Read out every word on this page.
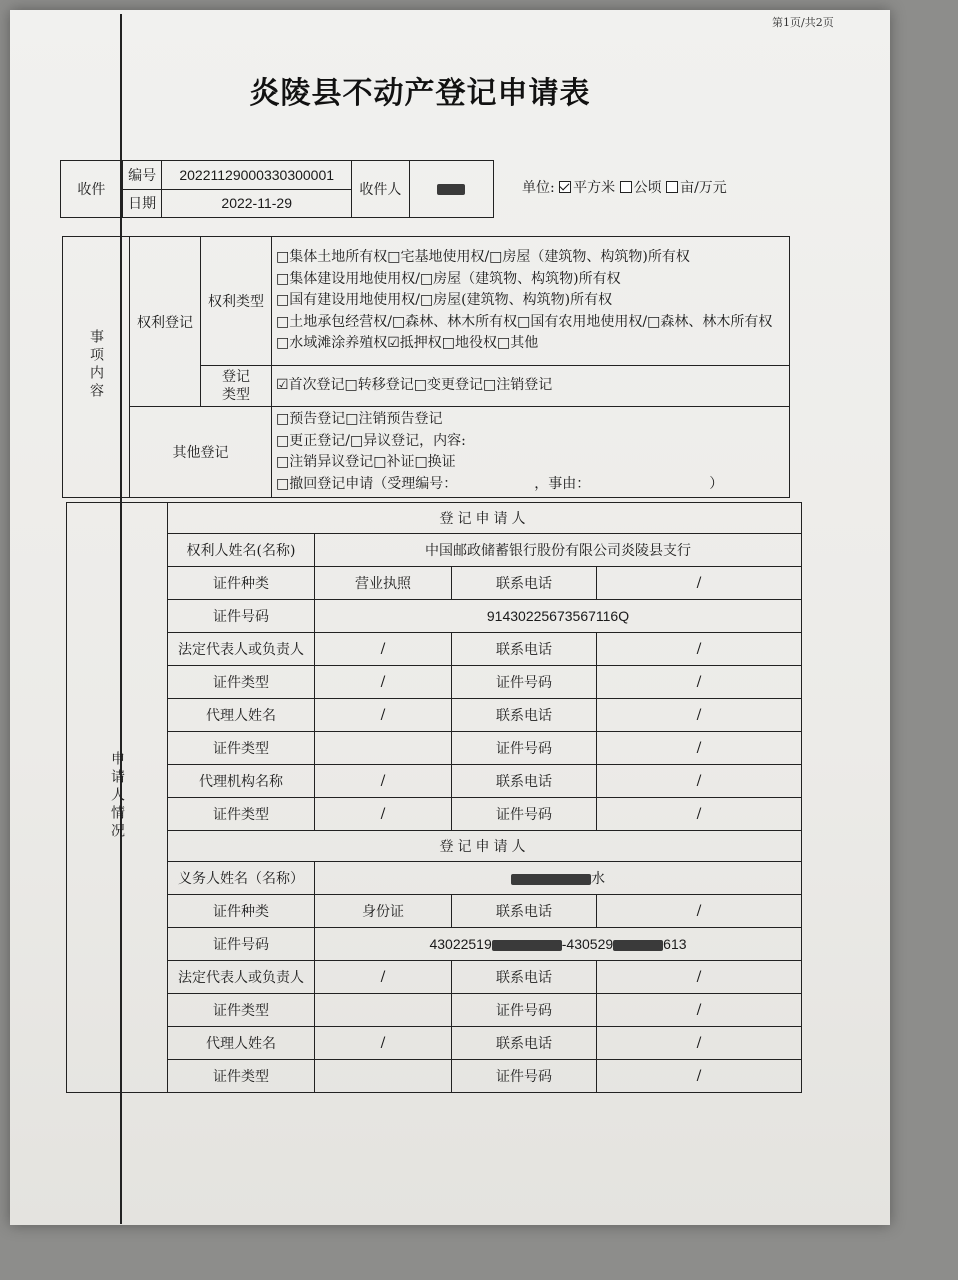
第1页/共2页
炎陵县不动产登记申请表
收件	编号	20221129000330300001	收件人	
	日期	2022-11-29		
单位: 平方米 公顷 亩/万元
事项内容	权利登记	权利类型	□集体土地所有权□宅基地使用权/□房屋（建筑物、构筑物)所有权
□集体建设用地使用权/□房屋（建筑物、构筑物)所有权
□国有建设用地使用权/□房屋(建筑物、构筑物)所有权
□土地承包经营权/□森林、林木所有权□国有农用地使用权/□森林、林木所有权
□水域滩涂养殖权☑抵押权□地役权□其他

		登记类型	☑首次登记□转移登记□变更登记□注销登记
	其他登记		□预告登记□注销预告登记
□更正登记/□异议登记，内容:
□注销异议登记□补证□换证
□撤回登记申请（受理编号：　　　　　　，事由：　　　　　　　　　）
申请人情况	登记申请人			
	权利人姓名(名称)	中国邮政储蓄银行股份有限公司炎陵县支行		
	证件种类	营业执照	联系电话	/
	证件号码	91430225673567116Q		
	法定代表人或负责人	/	联系电话	/
	证件类型	/	证件号码	/
	代理人姓名	/	联系电话	/
	证件类型		证件号码	/
	代理机构名称	/	联系电话	/
	证件类型	/	证件号码	/
	登记申请人			
	义务人姓名（名称）	水		
	证件种类	身份证	联系电话	/
	证件号码	43022519 -430529 613		
	法定代表人或负责人	/	联系电话	/
	证件类型		证件号码	/
	代理人姓名	/	联系电话	/
	证件类型		证件号码	/
